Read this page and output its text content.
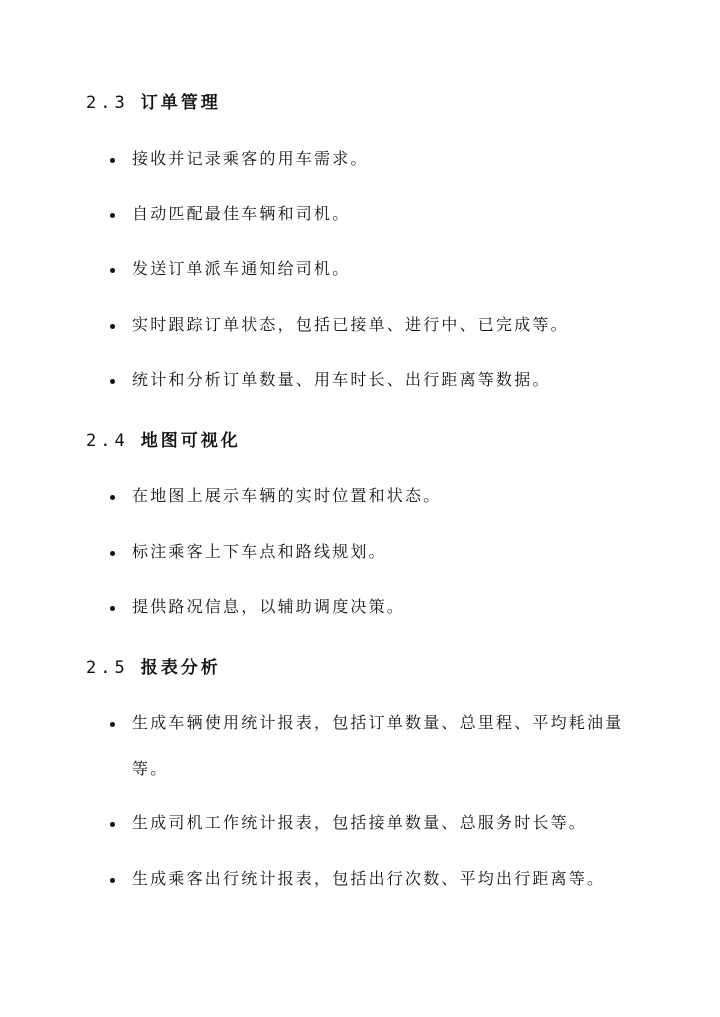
2.3 订单管理
接收并记录乘客的用车需求。
自动匹配最佳车辆和司机。
发送订单派车通知给司机。
实时跟踪订单状态，包括已接单、进行中、已完成等。
统计和分析订单数量、用车时长、出行距离等数据。
2.4 地图可视化
在地图上展示车辆的实时位置和状态。
标注乘客上下车点和路线规划。
提供路况信息，以辅助调度决策。
2.5 报表分析
生成车辆使用统计报表，包括订单数量、总里程、平均耗油量等。
生成司机工作统计报表，包括接单数量、总服务时长等。
生成乘客出行统计报表，包括出行次数、平均出行距离等。
